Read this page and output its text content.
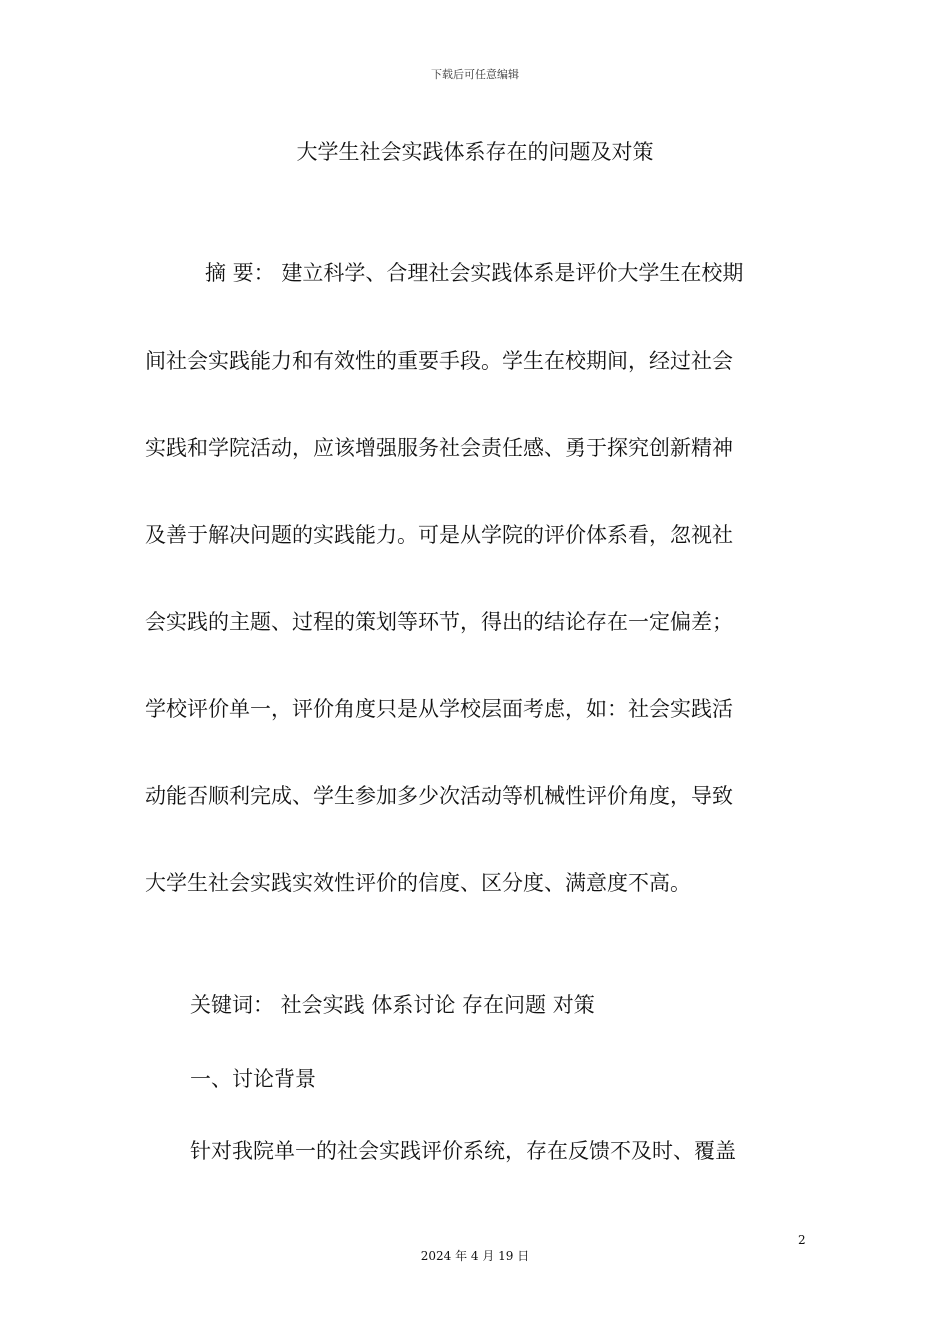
下载后可任意编辑
大学生社会实践体系存在的问题及对策
摘 要： 建立科学、合理社会实践体系是评价大学生在校期
间社会实践能力和有效性的重要手段。学生在校期间，经过社会
实践和学院活动，应该增强服务社会责任感、勇于探究创新精神
及善于解决问题的实践能力。可是从学院的评价体系看，忽视社
会实践的主题、过程的策划等环节，得出的结论存在一定偏差；
学校评价单一，评价角度只是从学校层面考虑，如：社会实践活
动能否顺利完成、学生参加多少次活动等机械性评价角度，导致
大学生社会实践实效性评价的信度、区分度、满意度不高。
关键词： 社会实践 体系讨论 存在问题 对策
一、讨论背景
针对我院单一的社会实践评价系统，存在反馈不及时、覆盖
2
2024 年 4 月 19 日
